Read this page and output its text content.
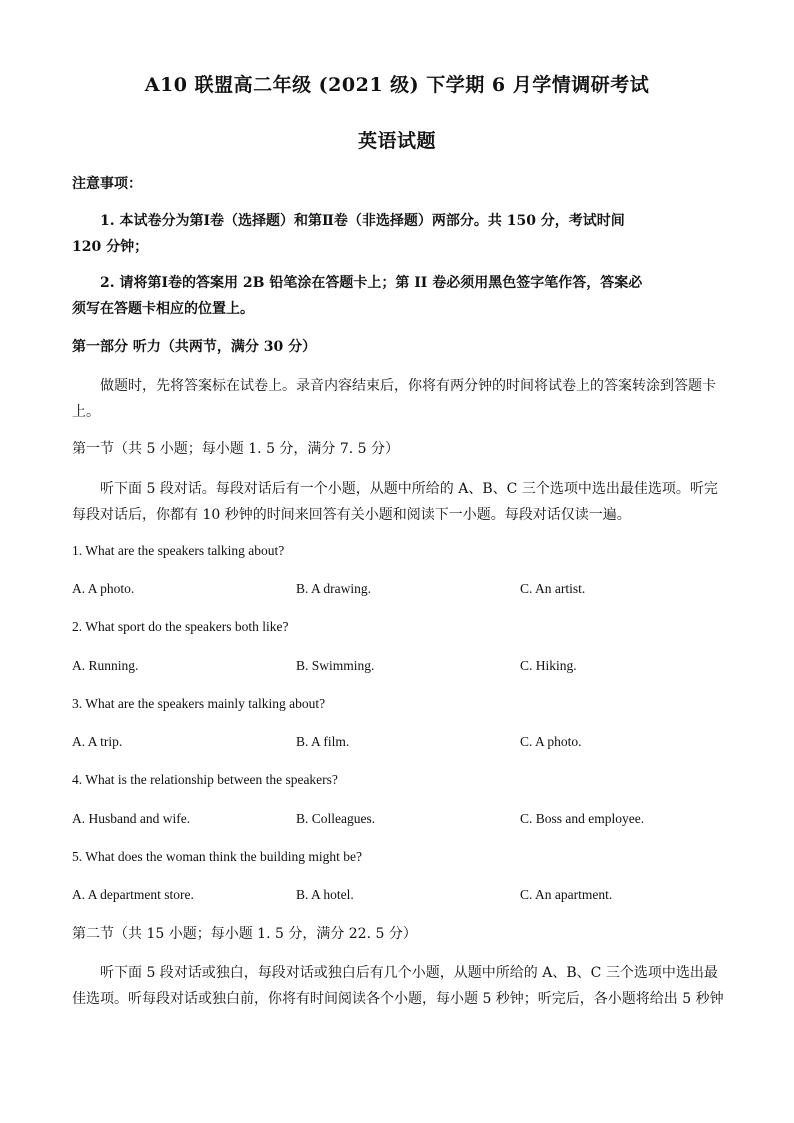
A10 联盟高二年级 (2021 级) 下学期 6 月学情调研考试
英语试题
注意事项：
1. 本试卷分为第Ⅰ卷（选择题）和第Ⅱ卷（非选择题）两部分。共 150 分，考试时间
120 分钟；
2. 请将第Ⅰ卷的答案用 2B 铅笔涂在答题卡上；第 II 卷必须用黑色签字笔作答，答案必
须写在答题卡相应的位置上。
第一部分 听力（共两节，满分 30 分）
做题时，先将答案标在试卷上。录音内容结束后，你将有两分钟的时间将试卷上的答案转涂到答题卡
上。
第一节（共 5 小题；每小题 1. 5 分，满分 7. 5 分）
听下面 5 段对话。每段对话后有一个小题，从题中所给的 A、B、C 三个选项中选出最佳选项。听完
每段对话后，你都有 10 秒钟的时间来回答有关小题和阅读下一小题。每段对话仅读一遍。
1. What are the speakers talking about?
A. A photo.	B. A drawing.	C. An artist.
2. What sport do the speakers both like?
A. Running.	B. Swimming.	C. Hiking.
3. What are the speakers mainly talking about?
A. A trip.	B. A film.	C. A photo.
4. What is the relationship between the speakers?
A. Husband and wife.	B. Colleagues.	C. Boss and employee.
5. What does the woman think the building might be?
A. A department store.	B. A hotel.	C. An apartment.
第二节（共 15 小题；每小题 1. 5 分，满分 22. 5 分）
听下面 5 段对话或独白，每段对话或独白后有几个小题，从题中所给的 A、B、C 三个选项中选出最
佳选项。听每段对话或独白前，你将有时间阅读各个小题，每小题 5 秒钟；听完后，各小题将给出 5 秒钟
